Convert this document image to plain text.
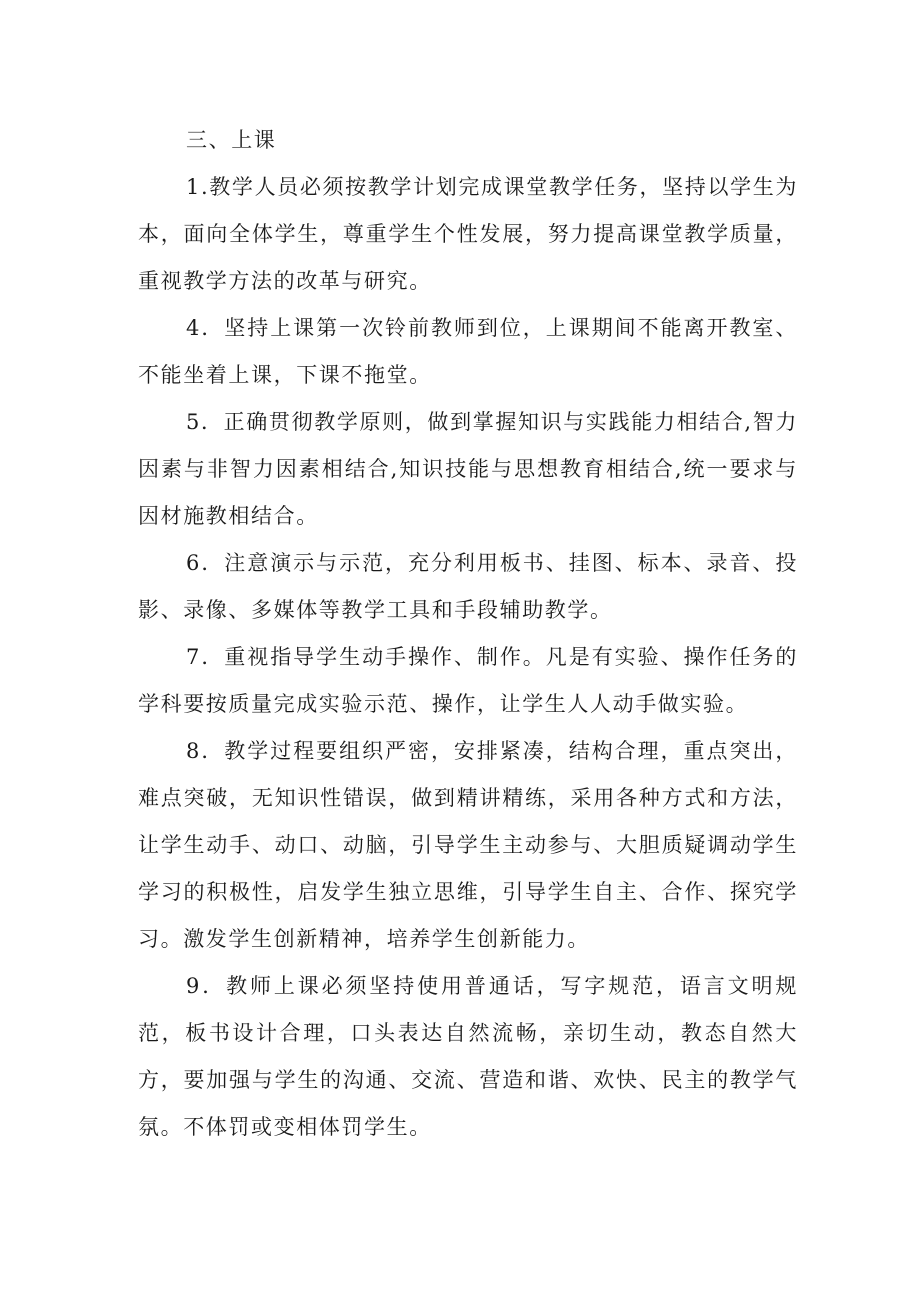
三、上课

1.教学人员必须按教学计划完成课堂教学任务，坚持以学生为本，面向全体学生，尊重学生个性发展，努力提高课堂教学质量，重视教学方法的改革与研究。

4．坚持上课第一次铃前教师到位，上课期间不能离开教室、不能坐着上课，下课不拖堂。

5．正确贯彻教学原则，做到掌握知识与实践能力相结合,智力因素与非智力因素相结合,知识技能与思想教育相结合,统一要求与因材施教相结合。

6．注意演示与示范，充分利用板书、挂图、标本、录音、投影、录像、多媒体等教学工具和手段辅助教学。

7．重视指导学生动手操作、制作。凡是有实验、操作任务的学科要按质量完成实验示范、操作，让学生人人动手做实验。

8．教学过程要组织严密，安排紧凑，结构合理，重点突出，难点突破，无知识性错误，做到精讲精练，采用各种方式和方法，让学生动手、动口、动脑，引导学生主动参与、大胆质疑调动学生学习的积极性，启发学生独立思维，引导学生自主、合作、探究学习。激发学生创新精神，培养学生创新能力。

9．教师上课必须坚持使用普通话，写字规范，语言文明规范，板书设计合理，口头表达自然流畅，亲切生动，教态自然大方，要加强与学生的沟通、交流、营造和谐、欢快、民主的教学气氛。不体罚或变相体罚学生。
